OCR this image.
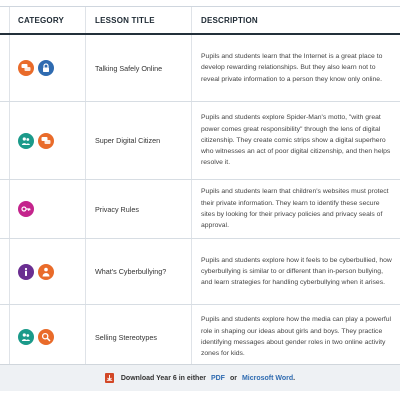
CATEGORY	LESSON TITLE	DESCRIPTION
Talking Safely Online
Pupils and students learn that the Internet is a great place to develop rewarding relationships. But they also learn not to reveal private information to a person they know only online.
Super Digital Citizen
Pupils and students explore Spider-Man's motto, "with great power comes great responsibility" through the lens of digital citizenship. They create comic strips show a digital superhero who witnesses an act of poor digital citizenship, and then helps resolve it.
Privacy Rules
Pupils and students learn that children's websites must protect their private information. They learn to identify these secure sites by looking for their privacy policies and privacy seals of approval.
What's Cyberbullying?
Pupils and students explore how it feels to be cyberbullied, how cyberbullying is similar to or different than in-person bullying, and learn strategies for handling cyberbullying when it arises.
Selling Stereotypes
Pupils and students explore how the media can play a powerful role in shaping our ideas about girls and boys. They practice identifying messages about gender roles in two online activity zones for kids.
Download Year 6 in either PDF or Microsoft Word .
